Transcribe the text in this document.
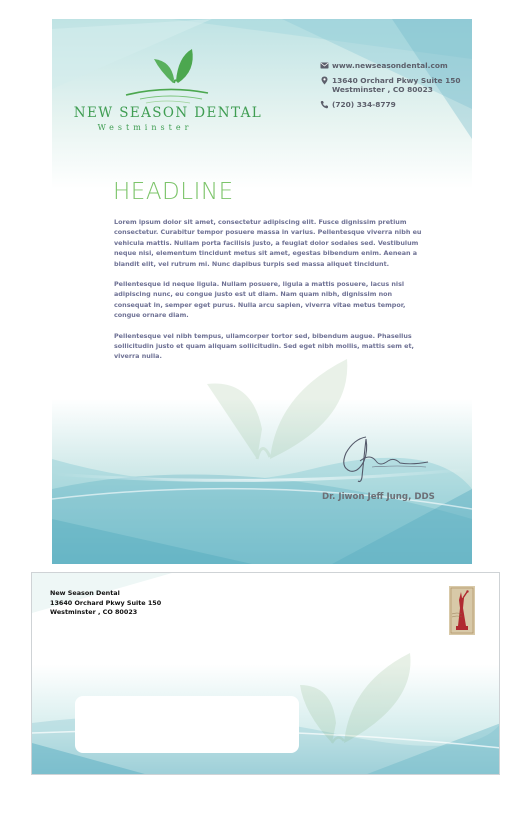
NEW SEASON DENTAL
Westminster
www.newseasondental.com
13640 Orchard Pkwy Suite 150
Westminster , CO 80023
(720) 334-8779
HEADLINE

Lorem ipsum dolor sit amet, consectetur adipiscing elit. Fusce dignissim pretium consectetur. Curabitur tempor posuere massa in varius. Pellentesque viverra nibh eu vehicula mattis. Nullam porta facilisis justo, a feugiat dolor sodales sed. Vestibulum neque nisi, elementum tincidunt metus sit amet, egestas bibendum enim. Aenean a blandit elit, vel rutrum mi. Nunc dapibus turpis sed massa aliquet tincidunt.

Pellentesque id neque ligula. Nullam posuere, ligula a mattis posuere, lacus nisl adipiscing nunc, eu congue justo est ut diam. Nam quam nibh, dignissim non consequat in, semper eget purus. Nulla arcu sapien, viverra vitae metus tempor, congue ornare diam.

Pellentesque vel nibh tempus, ullamcorper tortor sed, bibendum augue. Phasellus sollicitudin justo et quam aliquam sollicitudin. Sed eget nibh mollis, mattis sem et, viverra nulla.

Dr. Jiwon Jeff Jung, DDS
New Season Dental
13640 Orchard Pkwy Suite 150
Westminster , CO 80023
